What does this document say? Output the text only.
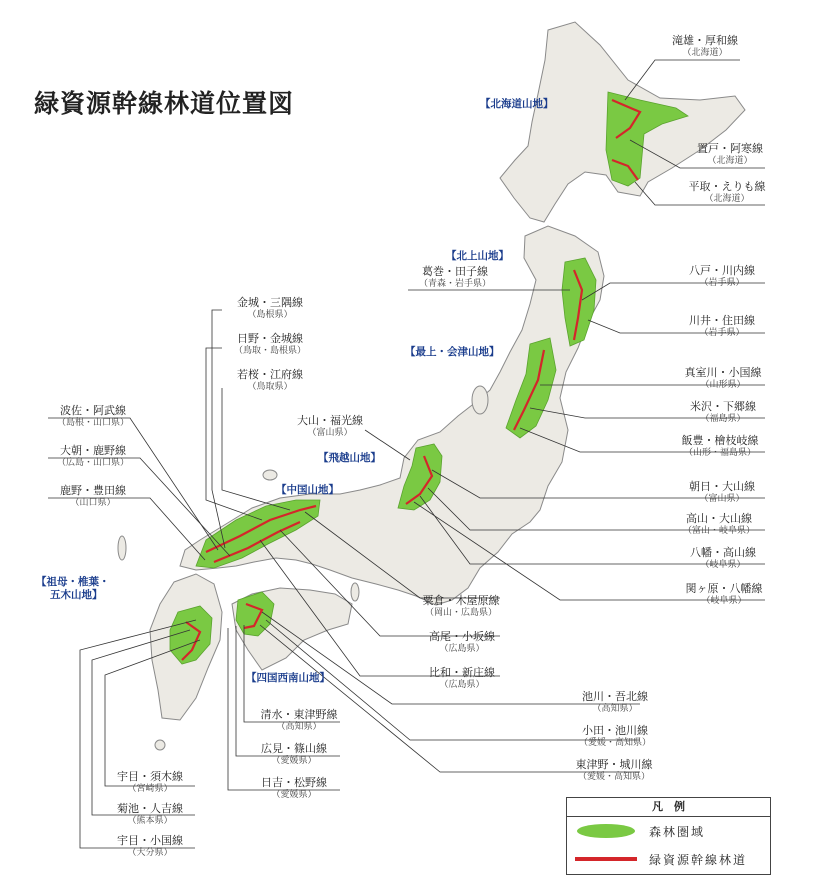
緑資源幹線林道位置図	【北海道山地】
【北上山地】
【最上・会津山地】
【飛越山地】
【中国山地】
【四国西南山地】
【祖母・椎葉・
五木山地】
滝雄・厚和線
（北海道）
置戸・阿寒線
（北海道）
平取・えりも線
（北海道）
葛巻・田子線
（青森・岩手県）
八戸・川内線
（岩手県）
川井・住田線
（岩手県）
真室川・小国線
（山形県）
米沢・下郷線
（福島県）
飯豊・檜枝岐線
（山形・福島県）
大山・福光線
（富山県）
朝日・大山線
（富山県）
高山・大山線
（富山・岐阜県）
八幡・高山線
（岐阜県）
関ヶ原・八幡線
（岐阜県）
金城・三隅線
（島根県）
日野・金城線
（鳥取・島根県）
若桜・江府線
（鳥取県）
波佐・阿武線
（島根・山口県）
大朝・鹿野線
（広島・山口県）
鹿野・豊田線
（山口県）
粟倉・木屋原線
（岡山・広島県）
高尾・小坂線
（広島県）
比和・新庄線
（広島県）
池川・吾北線
（高知県）
小田・池川線
（愛媛・高知県）
東津野・城川線
（愛媛・高知県）
清水・東津野線
（高知県）
広見・篠山線
（愛媛県）
日吉・松野線
（愛媛県）
宇目・須木線
（宮崎県）
菊池・人吉線
（熊本県）
宇目・小国線
（大分県）
凡　例
森林圏域
緑資源幹線林道
